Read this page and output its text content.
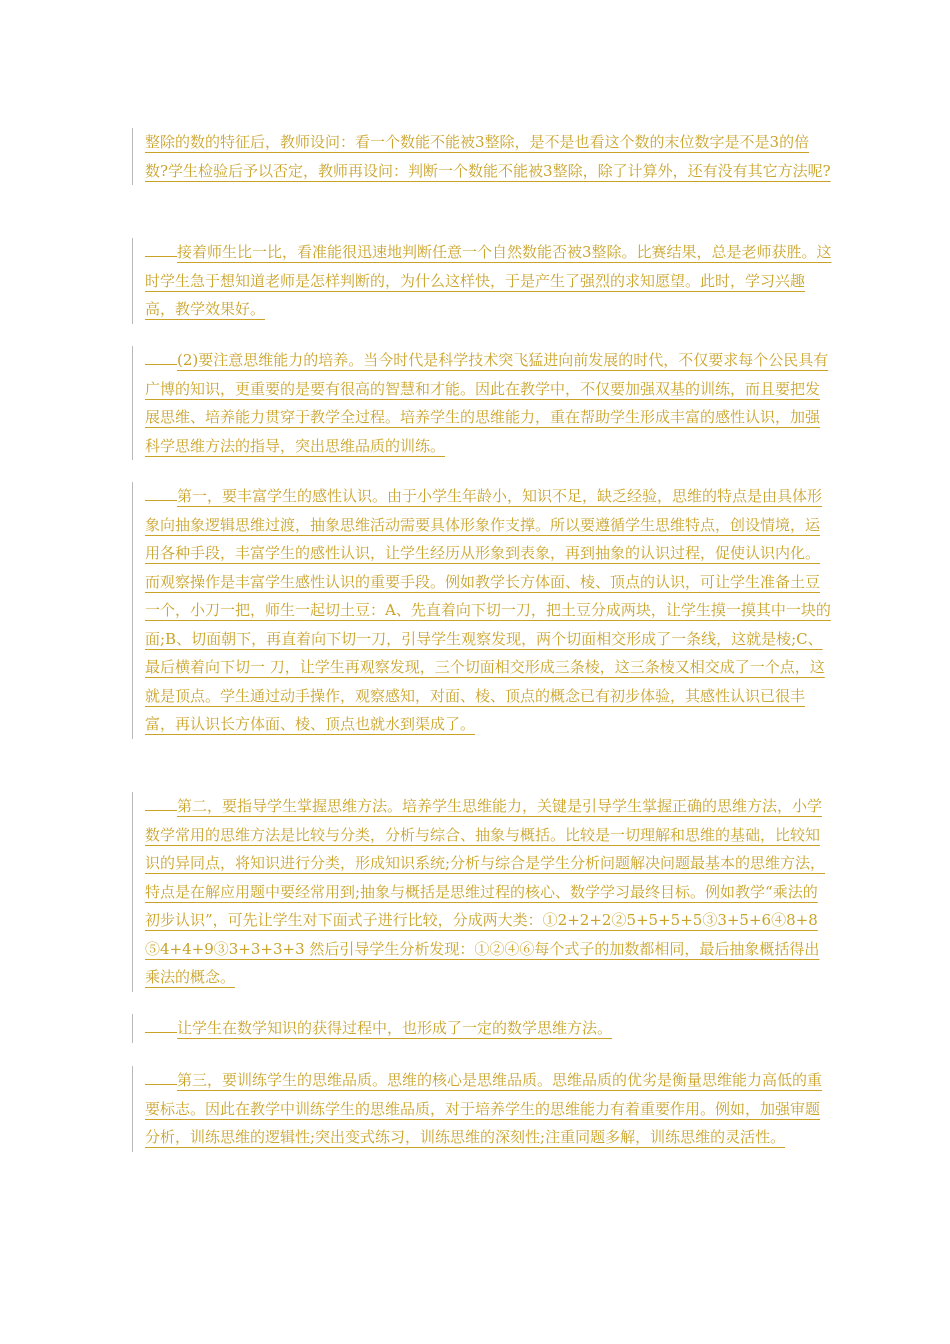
整除的数的特征后，教师设问：看一个数能不能被3整除，是不是也看这个数的末位数字是不是3的倍数?学生检验后予以否定，教师再设问：判断一个数能不能被3整除，除了计算外，还有没有其它方法呢?
接着师生比一比，看准能很迅速地判断任意一个自然数能否被3整除。比赛结果，总是老师获胜。这时学生急于想知道老师是怎样判断的，为什么这样快，于是产生了强烈的求知愿望。此时，学习兴趣高，教学效果好。
(2)要注意思维能力的培养。当今时代是科学技术突飞猛进向前发展的时代，不仅要求每个公民具有广博的知识，更重要的是要有很高的智慧和才能。因此在教学中，不仅要加强双基的训练，而且要把发展思维、培养能力贯穿于教学全过程。培养学生的思维能力，重在帮助学生形成丰富的感性认识，加强科学思维方法的指导，突出思维品质的训练。
第一，要丰富学生的感性认识。由于小学生年龄小，知识不足，缺乏经验，思维的特点是由具体形象向抽象逻辑思维过渡，抽象思维活动需要具体形象作支撑。所以要遵循学生思维特点，创设情境，运用各种手段，丰富学生的感性认识，让学生经历从形象到表象，再到抽象的认识过程，促使认识内化。而观察操作是丰富学生感性认识的重要手段。例如教学长方体面、棱、顶点的认识，可让学生准备土豆一个，小刀一把，师生一起切土豆：A、先直着向下切一刀，把土豆分成两块，让学生摸一摸其中一块的面;B、切面朝下，再直着向下切一刀，引导学生观察发现，两个切面相交形成了一条线，这就是棱;C、最后横着向下切一 刀，让学生再观察发现，三个切面相交形成三条棱，这三条棱又相交成了一个点，这就是顶点。学生通过动手操作，观察感知，对面、棱、顶点的概念已有初步体验，其感性认识已很丰富，再认识长方体面、棱、顶点也就水到渠成了。
第二，要指导学生掌握思维方法。培养学生思维能力，关键是引导学生掌握正确的思维方法，小学数学常用的思维方法是比较与分类，分析与综合、抽象与概括。比较是一切理解和思维的基础，比较知识的异同点，将知识进行分类，形成知识系统;分析与综合是学生分析问题解决问题最基本的思维方法，特点是在解应用题中要经常用到;抽象与概括是思维过程的核心、数学学习最终目标。例如教学“乘法的初步认识”，可先让学生对下面式子进行比较，分成两大类：①2+2+2②5+5+5+5③3+5+6④8+8⑤4+4+9③3+3+3+3 然后引导学生分析发现：①②④⑥每个式子的加数都相同，最后抽象概括得出乘法的概念。
让学生在数学知识的获得过程中，也形成了一定的数学思维方法。
第三，要训练学生的思维品质。思维的核心是思维品质。思维品质的优劣是衡量思维能力高低的重要标志。因此在教学中训练学生的思维品质，对于培养学生的思维能力有着重要作用。例如，加强审题分析，训练思维的逻辑性;突出变式练习，训练思维的深刻性;注重同题多解，训练思维的灵活性。
